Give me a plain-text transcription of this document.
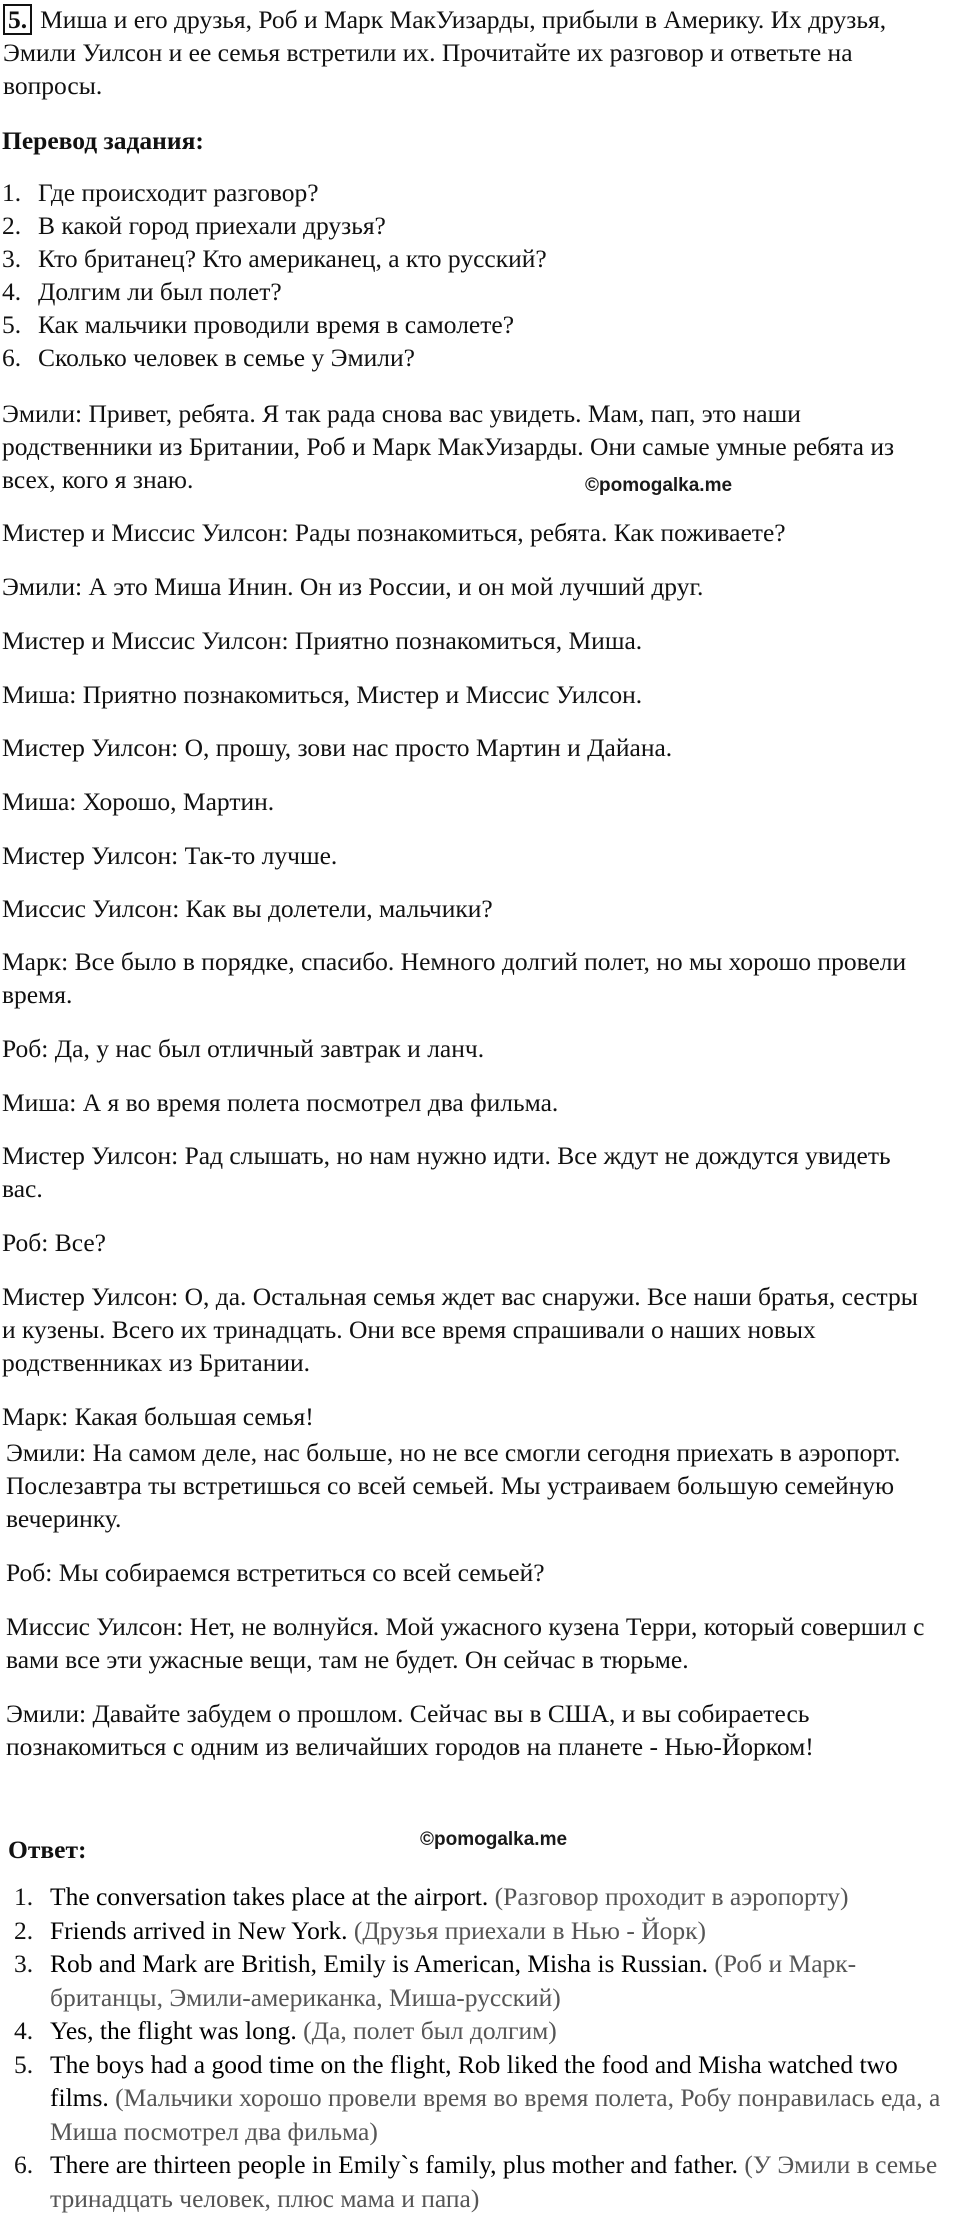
5. Миша и его друзья, Роб и Марк МакУизарды, прибыли в Америку. Их друзья, Эмили Уилсон и ее семья встретили их. Прочитайте их разговор и ответьте на вопросы.
Перевод задания:
1. Где происходит разговор?
2. В какой город приехали друзья?
3. Кто британец? Кто американец, а кто русский?
4. Долгим ли был полет?
5. Как мальчики проводили время в самолете?
6. Сколько человек в семье у Эмили?
Эмили: Привет, ребята. Я так рада снова вас увидеть. Мам, пап, это наши родственники из Британии, Роб и Марк МакУизарды. Они самые умные ребята из всех, кого я знаю.	©pomogalka.me
Мистер и Миссис Уилсон: Рады познакомиться, ребята. Как поживаете?
Эмили: А это Миша Инин. Он из России, и он мой лучший друг.
Мистер и Миссис Уилсон: Приятно познакомиться, Миша.
Миша: Приятно познакомиться, Мистер и Миссис Уилсон.
Мистер Уилсон: О, прошу, зови нас просто Мартин и Дайана.
Миша: Хорошо, Мартин.
Мистер Уилсон: Так-то лучше.
Миссис Уилсон: Как вы долетели, мальчики?
Марк: Все было в порядке, спасибо. Немного долгий полет, но мы хорошо провели время.
Роб: Да, у нас был отличный завтрак и ланч.
Миша: А я во время полета посмотрел два фильма.
Мистер Уилсон: Рад слышать, но нам нужно идти. Все ждут не дождутся увидеть вас.
Роб: Все?
Мистер Уилсон: О, да. Остальная семья ждет вас снаружи. Все наши братья, сестры и кузены. Всего их тринадцать. Они все время спрашивали о наших новых родственниках из Британии.
Марк: Какая большая семья!
Эмили: На самом деле, нас больше, но не все смогли сегодня приехать в аэропорт. Послезавтра ты встретишься со всей семьей. Мы устраиваем большую семейную вечеринку.
Роб: Мы собираемся встретиться со всей семьей?
Миссис Уилсон: Нет, не волнуйся. Мой ужасного кузена Терри, который совершил с вами все эти ужасные вещи, там не будет. Он сейчас в тюрьме.
Эмили: Давайте забудем о прошлом. Сейчас вы в США, и вы собираетесь познакомиться с одним из величайших городов на планете - Нью-Йорком!
Ответ:	©pomogalka.me
1. The conversation takes place at the airport. (Разговор проходит в аэропорту)
2. Friends arrived in New York. (Друзья приехали в Нью - Йорк)
3. Rob and Mark are British, Emily is American, Misha is Russian. (Роб и Марк-британцы, Эмили-американка, Миша-русский)
4. Yes, the flight was long. (Да, полет был долгим)
5. The boys had a good time on the flight, Rob liked the food and Misha watched two films. (Мальчики хорошо провели время во время полета, Робу понравилась еда, а Миша посмотрел два фильма)
6. There are thirteen people in Emily`s family, plus mother and father. (У Эмили в семье тринадцать человек, плюс мама и папа)
